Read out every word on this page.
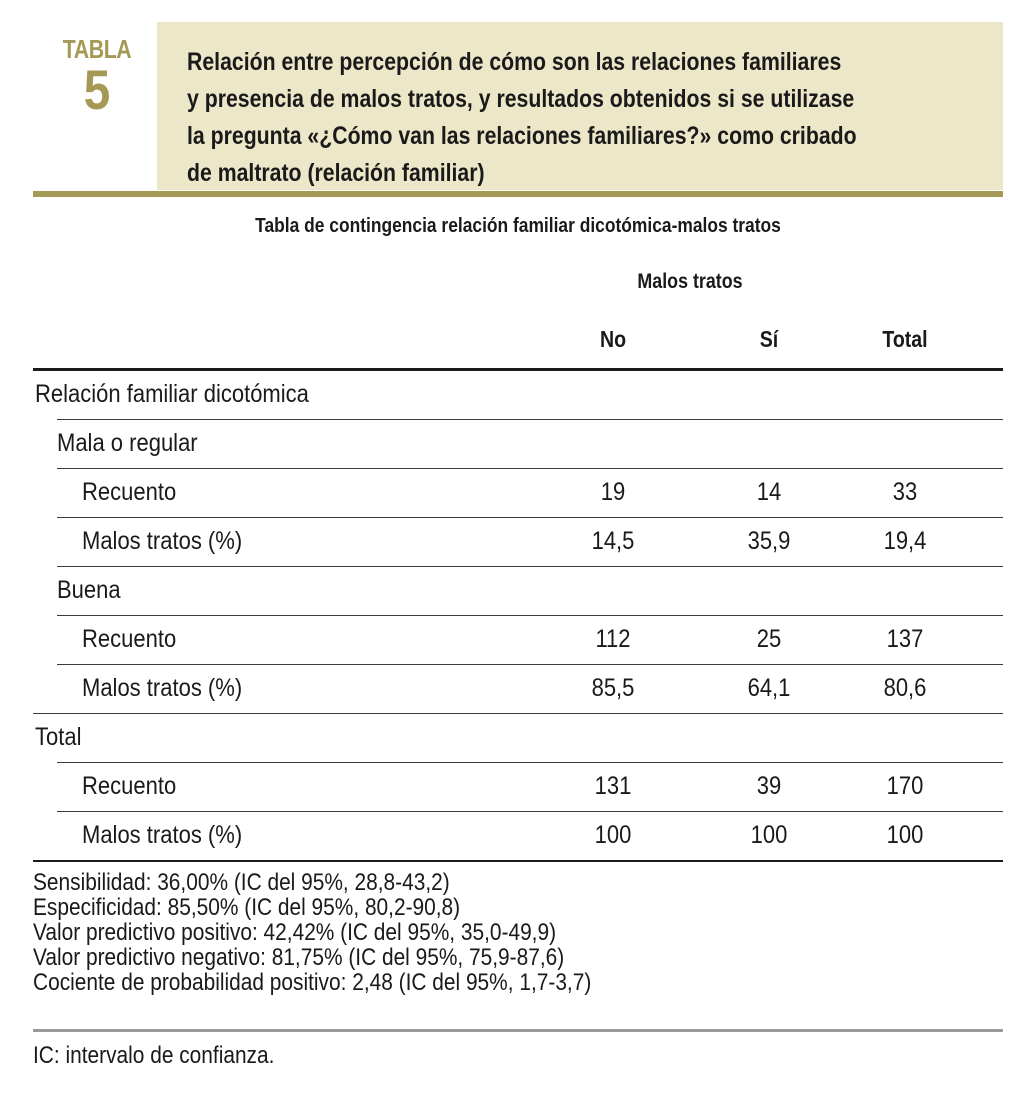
TABLA
5	Relación entre percepción de cómo son las relaciones familiares
y presencia de malos tratos, y resultados obtenidos si se utilizase
la pregunta «¿Cómo van las relaciones familiares?» como cribado
de maltrato (relación familiar)
Tabla de contingencia relación familiar dicotómica-malos tratos
Malos tratos
No	Sí	Total
Relación familiar dicotómica
Mala o regular
Recuento	19	14	33
Malos tratos (%)	14,5	35,9	19,4
Buena
Recuento	112	25	137
Malos tratos (%)	85,5	64,1	80,6
Total
Recuento	131	39	170
Malos tratos (%)	100	100	100
Sensibilidad: 36,00% (IC del 95%, 28,8-43,2)
Especificidad: 85,50% (IC del 95%, 80,2-90,8)
Valor predictivo positivo: 42,42% (IC del 95%, 35,0-49,9)
Valor predictivo negativo: 81,75% (IC del 95%, 75,9-87,6)
Cociente de probabilidad positivo: 2,48 (IC del 95%, 1,7-3,7)
IC: intervalo de confianza.
